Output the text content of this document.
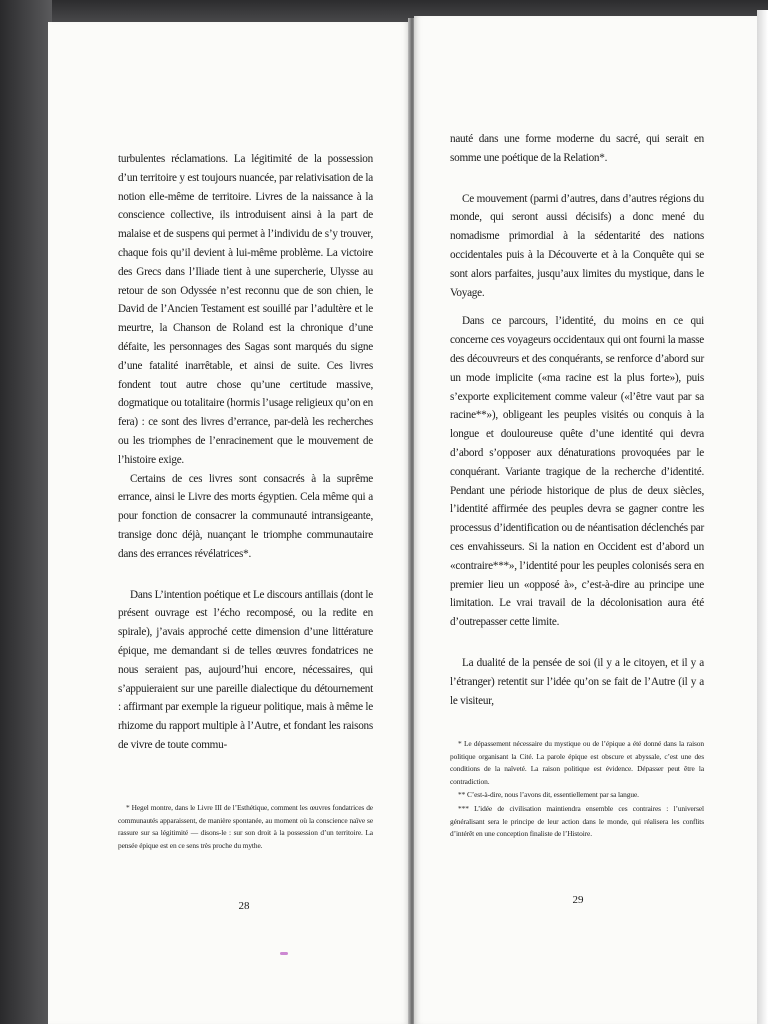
turbulentes réclamations. La légitimité de la possession d’un territoire y est toujours nuancée, par relativisation de la notion elle-même de territoire. Livres de la naissance à la conscience collective, ils introduisent ainsi à la part de malaise et de suspens qui permet à l’individu de s’y trouver, chaque fois qu’il devient à lui-même problème. La victoire des Grecs dans l’Iliade tient à une supercherie, Ulysse au retour de son Odyssée n’est reconnu que de son chien, le David de l’Ancien Testament est souillé par l’adultère et le meurtre, la Chanson de Roland est la chronique d’une défaite, les personnages des Sagas sont marqués du signe d’une fatalité inarrêtable, et ainsi de suite. Ces livres fondent tout autre chose qu’une certitude massive, dogmatique ou totalitaire (hormis l’usage religieux qu’on en fera) : ce sont des livres d’errance, par-delà les recherches ou les triomphes de l’enracinement que le mouvement de l’histoire exige.

Certains de ces livres sont consacrés à la suprême errance, ainsi le Livre des morts égyptien. Cela même qui a pour fonction de consacrer la communauté intransigeante, transige donc déjà, nuançant le triomphe communautaire dans des errances révélatrices*.

Dans L’intention poétique et Le discours antillais (dont le présent ouvrage est l’écho recomposé, ou la redite en spirale), j’avais approché cette dimension d’une littérature épique, me demandant si de telles œuvres fondatrices ne nous seraient pas, aujourd’hui encore, nécessaires, qui s’appuieraient sur une pareille dialectique du détournement : affirmant par exemple la rigueur politique, mais à même le rhizome du rapport multiple à l’Autre, et fondant les raisons de vivre de toute commu-

* Hegel montre, dans le Livre III de l’Esthétique, comment les œuvres fondatrices de communautés apparaissent, de manière spontanée, au moment où la conscience naïve se rassure sur sa légitimité — disons-le : sur son droit à la possession d’un territoire. La pensée épique est en ce sens très proche du mythe.

28

nauté dans une forme moderne du sacré, qui serait en somme une poétique de la Relation*.

Ce mouvement (parmi d’autres, dans d’autres régions du monde, qui seront aussi décisifs) a donc mené du nomadisme primordial à la sédentarité des nations occidentales puis à la Découverte et à la Conquête qui se sont alors parfaites, jusqu’aux limites du mystique, dans le Voyage.

Dans ce parcours, l’identité, du moins en ce qui concerne ces voyageurs occidentaux qui ont fourni la masse des découvreurs et des conquérants, se renforce d’abord sur un mode implicite («ma racine est la plus forte»), puis s’exporte explicitement comme valeur («l’être vaut par sa racine**»), obligeant les peuples visités ou conquis à la longue et douloureuse quête d’une identité qui devra d’abord s’opposer aux dénaturations provoquées par le conquérant. Variante tragique de la recherche d’identité. Pendant une période historique de plus de deux siècles, l’identité affirmée des peuples devra se gagner contre les processus d’identification ou de néantisation déclenchés par ces envahisseurs. Si la nation en Occident est d’abord un «contraire***», l’identité pour les peuples colonisés sera en premier lieu un «opposé à», c’est-à-dire au principe une limitation. Le vrai travail de la décolonisation aura été d’outrepasser cette limite.

La dualité de la pensée de soi (il y a le citoyen, et il y a l’étranger) retentit sur l’idée qu’on se fait de l’Autre (il y a le visiteur,

* Le dépassement nécessaire du mystique ou de l’épique a été donné dans la raison politique organisant la Cité. La parole épique est obscure et abyssale, c’est une des conditions de la naïveté. La raison politique est évidence. Dépasser peut être la contradiction.

** C’est-à-dire, nous l’avons dit, essentiellement par sa langue.

*** L’idée de civilisation maintiendra ensemble ces contraires : l’universel généralisant sera le principe de leur action dans le monde, qui réalisera les conflits d’intérêt en une conception finaliste de l’Histoire.

29
